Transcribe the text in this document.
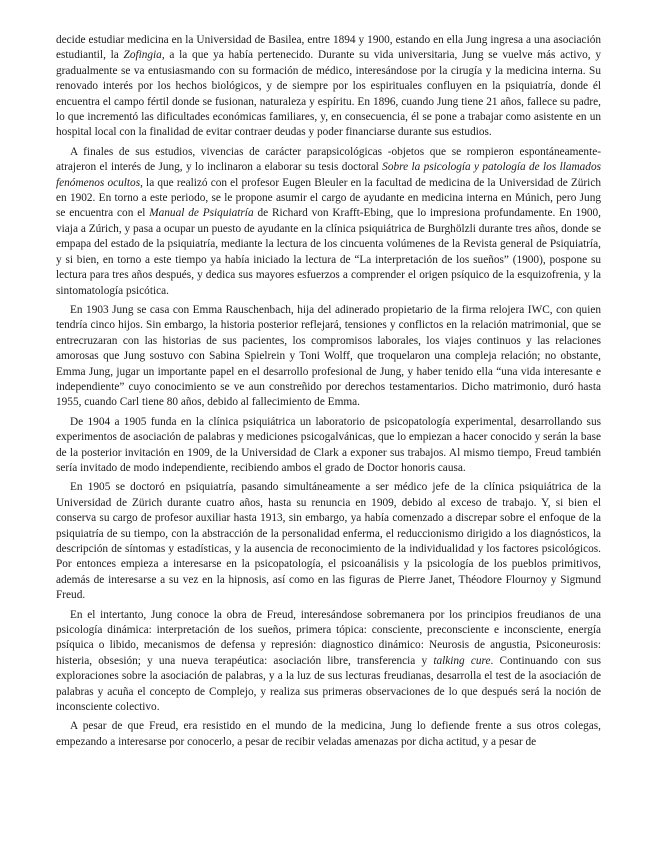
decide estudiar medicina en la Universidad de Basilea, entre 1894 y 1900, estando en ella Jung ingresa a una asociación estudiantil, la Zofingia, a la que ya había pertenecido. Durante su vida universitaria, Jung se vuelve más activo, y gradualmente se va entusiasmando con su formación de médico, interesándose por la cirugía y la medicina interna. Su renovado interés por los hechos biológicos, y de siempre por los espirituales confluyen en la psiquiatría, donde él encuentra el campo fértil donde se fusionan, naturaleza y espíritu. En 1896, cuando Jung tiene 21 años, fallece su padre, lo que incrementó las dificultades económicas familiares, y, en consecuencia, él se pone a trabajar como asistente en un hospital local con la finalidad de evitar contraer deudas y poder financiarse durante sus estudios.

A finales de sus estudios, vivencias de carácter parapsicológicas -objetos que se rompieron espontáneamente- atrajeron el interés de Jung, y lo inclinaron a elaborar su tesis doctoral Sobre la psicología y patología de los llamados fenómenos ocultos, la que realizó con el profesor Eugen Bleuler en la facultad de medicina de la Universidad de Zürich en 1902. En torno a este periodo, se le propone asumir el cargo de ayudante en medicina interna en Múnich, pero Jung se encuentra con el Manual de Psiquiatría de Richard von Krafft-Ebing, que lo impresiona profundamente. En 1900, viaja a Zúrich, y pasa a ocupar un puesto de ayudante en la clínica psiquiátrica de Burghölzli durante tres años, donde se empapa del estado de la psiquiatría, mediante la lectura de los cincuenta volúmenes de la Revista general de Psiquiatría, y si bien, en torno a este tiempo ya había iniciado la lectura de “La interpretación de los sueños” (1900), pospone su lectura para tres años después, y dedica sus mayores esfuerzos a comprender el origen psíquico de la esquizofrenia, y la sintomatología psicótica.

En 1903 Jung se casa con Emma Rauschenbach, hija del adinerado propietario de la firma relojera IWC, con quien tendría cinco hijos. Sin embargo, la historia posterior reflejará, tensiones y conflictos en la relación matrimonial, que se entrecruzaran con las historias de sus pacientes, los compromisos laborales, los viajes continuos y las relaciones amorosas que Jung sostuvo con Sabina Spielrein y Toni Wolff, que troquelaron una compleja relación; no obstante, Emma Jung, jugar un importante papel en el desarrollo profesional de Jung, y haber tenido ella “una vida interesante e independiente” cuyo conocimiento se ve aun constreñido por derechos testamentarios. Dicho matrimonio, duró hasta 1955, cuando Carl tiene 80 años, debido al fallecimiento de Emma.

De 1904 a 1905 funda en la clínica psiquiátrica un laboratorio de psicopatología experimental, desarrollando sus experimentos de asociación de palabras y mediciones psicogalvánicas, que lo empiezan a hacer conocido y serán la base de la posterior invitación en 1909, de la Universidad de Clark a exponer sus trabajos. Al mismo tiempo, Freud también sería invitado de modo independiente, recibiendo ambos el grado de Doctor honoris causa.

En 1905 se doctoró en psiquiatría, pasando simultáneamente a ser médico jefe de la clínica psiquiátrica de la Universidad de Zürich durante cuatro años, hasta su renuncia en 1909, debido al exceso de trabajo. Y, si bien el conserva su cargo de profesor auxiliar hasta 1913, sin embargo, ya había comenzado a discrepar sobre el enfoque de la psiquiatría de su tiempo, con la abstracción de la personalidad enferma, el reduccionismo dirigido a los diagnósticos, la descripción de síntomas y estadísticas, y la ausencia de reconocimiento de la individualidad y los factores psicológicos. Por entonces empieza a interesarse en la psicopatología, el psicoanálisis y la psicología de los pueblos primitivos, además de interesarse a su vez en la hipnosis, así como en las figuras de Pierre Janet, Théodore Flournoy y Sigmund Freud.

En el intertanto, Jung conoce la obra de Freud, interesándose sobremanera por los principios freudianos de una psicología dinámica: interpretación de los sueños, primera tópica: consciente, preconsciente e inconsciente, energía psíquica o libido, mecanismos de defensa y represión: diagnostico dinámico: Neurosis de angustia, Psiconeurosis: histeria, obsesión; y una nueva terapéutica: asociación libre, transferencia y talking cure. Continuando con sus exploraciones sobre la asociación de palabras, y a la luz de sus lecturas freudianas, desarrolla el test de la asociación de palabras y acuña el concepto de Complejo, y realiza sus primeras observaciones de lo que después será la noción de inconsciente colectivo.

A pesar de que Freud, era resistido en el mundo de la medicina, Jung lo defiende frente a sus otros colegas, empezando a interesarse por conocerlo, a pesar de recibir veladas amenazas por dicha actitud, y a pesar de
